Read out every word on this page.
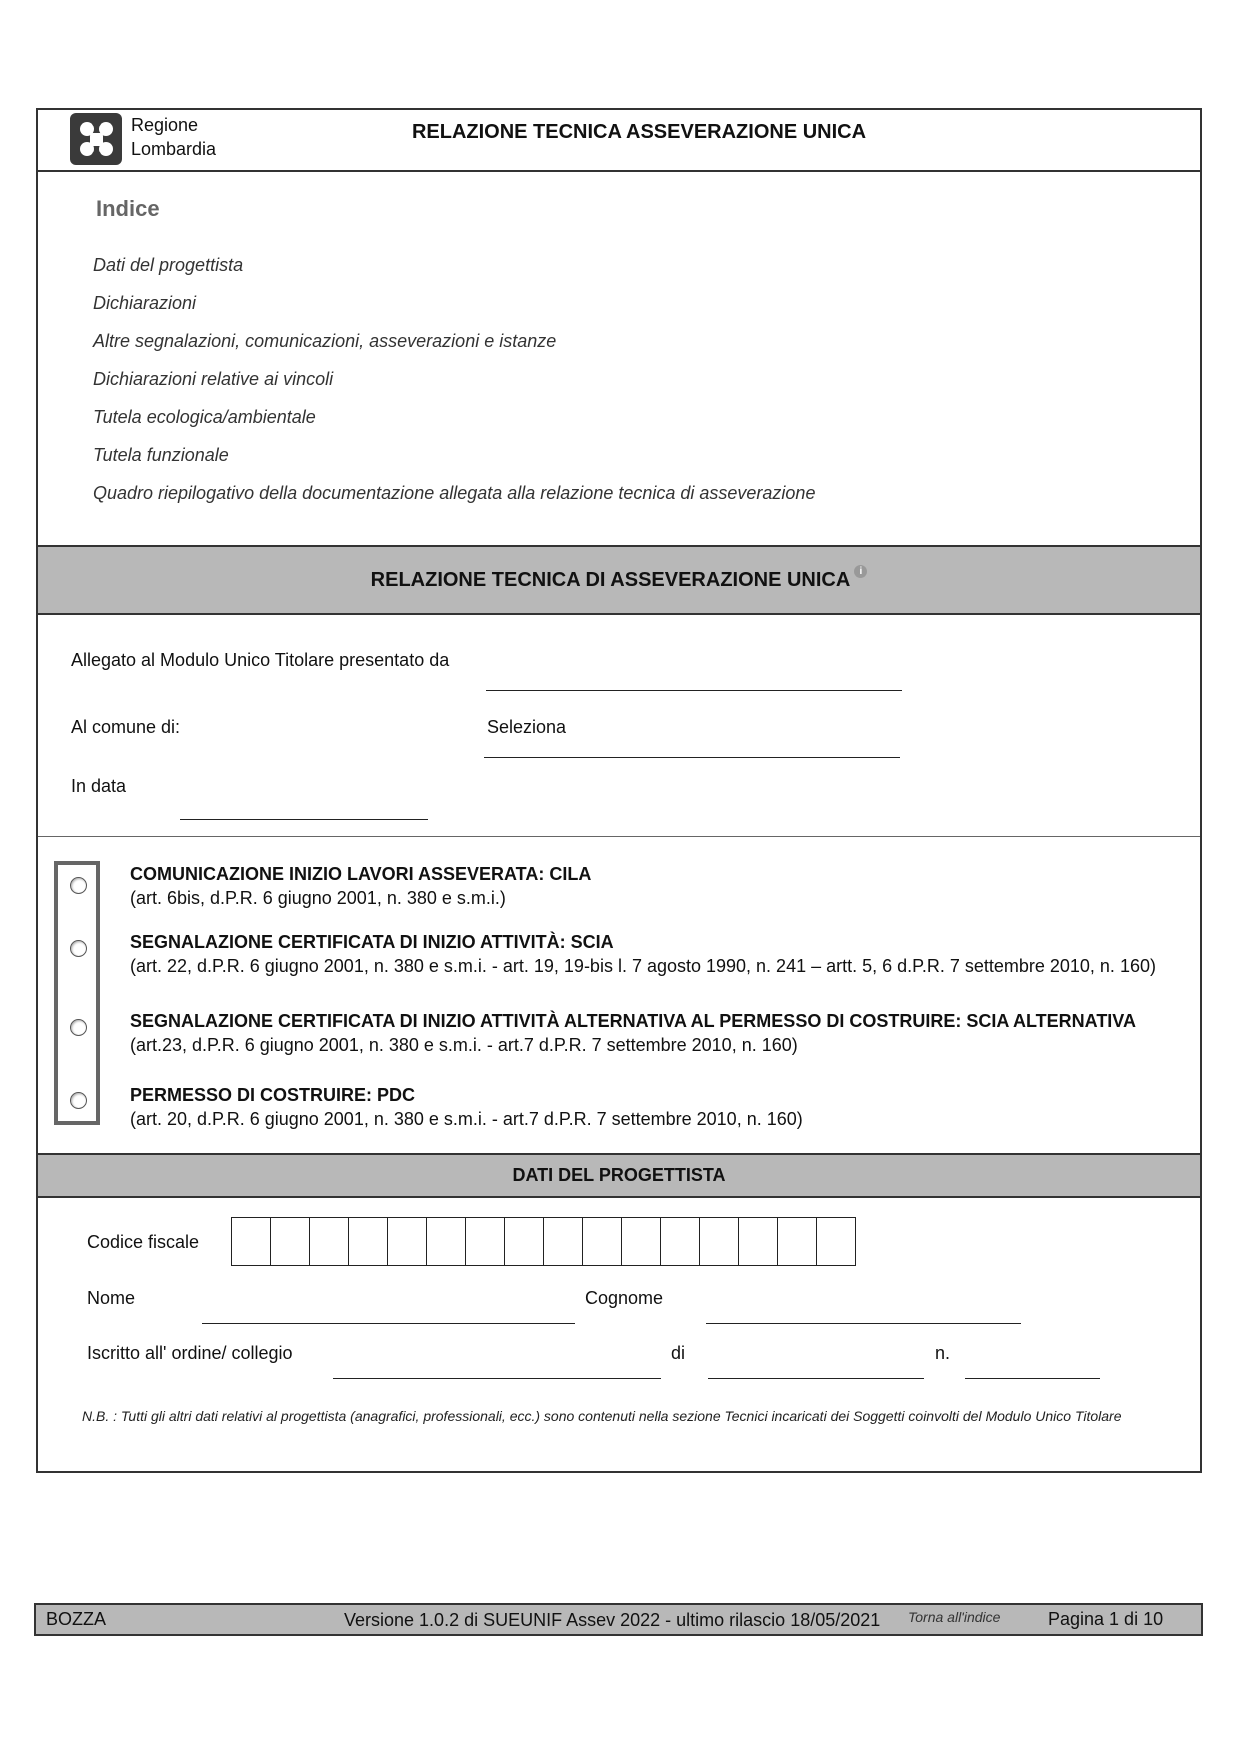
Regione
Lombardia
RELAZIONE TECNICA ASSEVERAZIONE UNICA
Indice
Dati del progettista
Dichiarazioni
Altre segnalazioni, comunicazioni, asseverazioni e istanze
Dichiarazioni relative ai vincoli
Tutela ecologica/ambientale
Tutela funzionale
Quadro riepilogativo della documentazione allegata alla relazione tecnica di asseverazione
RELAZIONE TECNICA DI ASSEVERAZIONE UNICA i
Allegato al Modulo Unico Titolare presentato da
Al comune di:	Seleziona
In data
COMUNICAZIONE INIZIO LAVORI ASSEVERATA: CILA
(art. 6bis, d.P.R. 6 giugno 2001, n. 380 e s.m.i.)
SEGNALAZIONE CERTIFICATA DI INIZIO ATTIVITÀ: SCIA
(art. 22, d.P.R. 6 giugno 2001, n. 380 e s.m.i. - art. 19, 19-bis l. 7 agosto 1990, n. 241 – artt. 5, 6 d.P.R. 7 settembre 2010, n. 160)
SEGNALAZIONE CERTIFICATA DI INIZIO ATTIVITÀ ALTERNATIVA AL PERMESSO DI COSTRUIRE: SCIA ALTERNATIVA
(art.23, d.P.R. 6 giugno 2001, n. 380 e s.m.i. - art.7 d.P.R. 7 settembre 2010, n. 160)
PERMESSO DI COSTRUIRE: PDC
(art. 20, d.P.R. 6 giugno 2001, n. 380 e s.m.i. - art.7 d.P.R. 7 settembre 2010, n. 160)
DATI DEL PROGETTISTA
Codice fiscale
Nome	Cognome
Iscritto all' ordine/ collegio	di	n.
N.B. : Tutti gli altri dati relativi al progettista (anagrafici, professionali, ecc.) sono contenuti nella sezione Tecnici incaricati dei Soggetti coinvolti del Modulo Unico Titolare
BOZZA	Versione 1.0.2 di SUEUNIF Assev 2022 - ultimo rilascio 18/05/2021 Torna all'indice	Pagina 1 di 10
